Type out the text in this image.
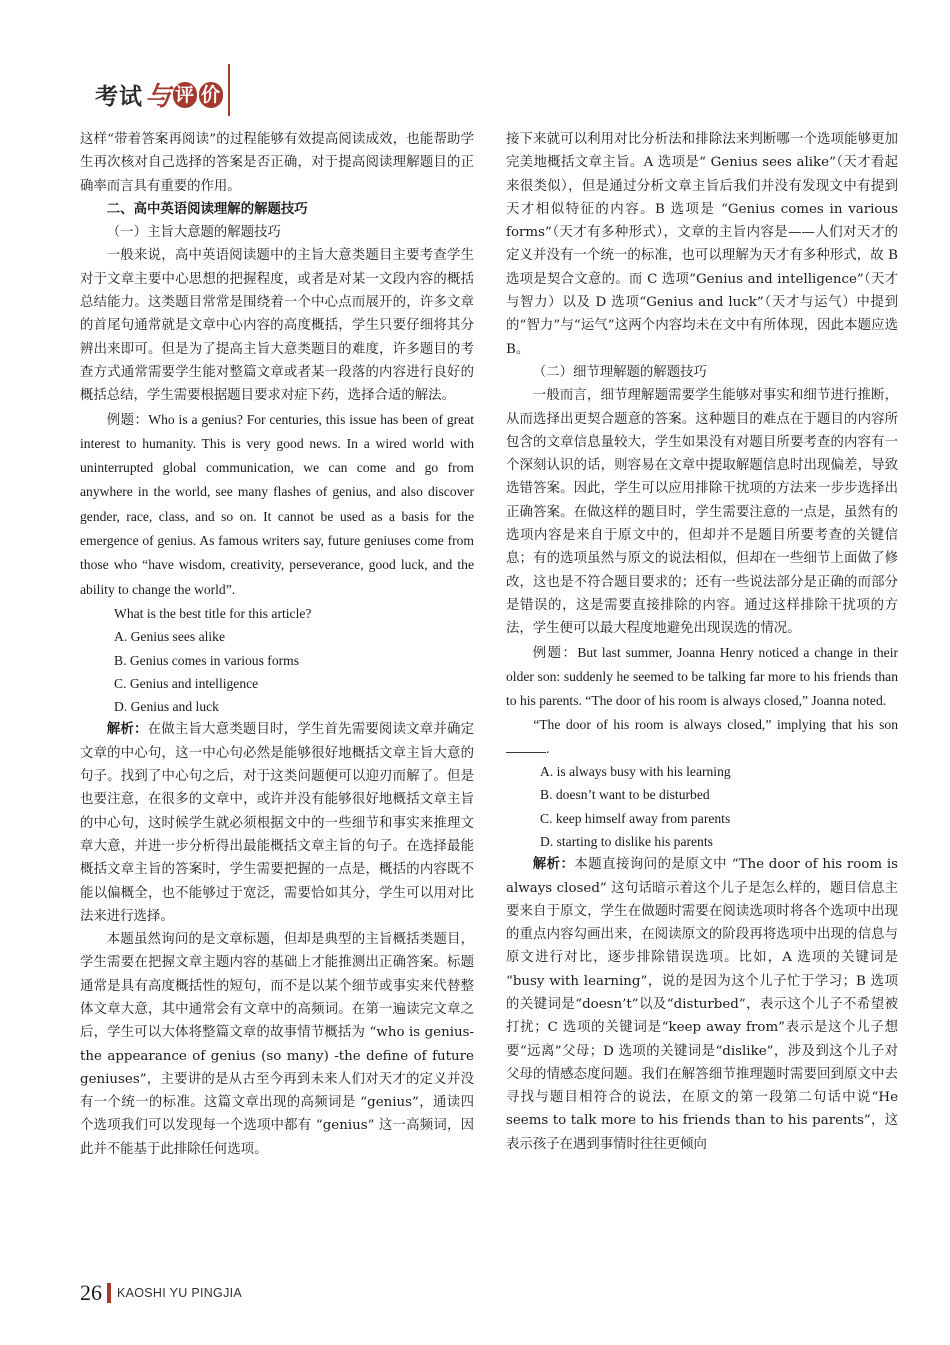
考试 与 评 价

这样“带着答案再阅读”的过程能够有效提高阅读成效，也能帮助学生再次核对自己选择的答案是否正确，对于提高阅读理解题目的正确率而言具有重要的作用。

二、高中英语阅读理解的解题技巧

（一）主旨大意题的解题技巧

一般来说，高中英语阅读题中的主旨大意类题目主要考查学生对于文章主要中心思想的把握程度，或者是对某一文段内容的概括总结能力。这类题目常常是围绕着一个中心点而展开的，许多文章的首尾句通常就是文章中心内容的高度概括，学生只要仔细将其分辨出来即可。但是为了提高主旨大意类题目的难度，许多题目的考查方式通常需要学生能对整篇文章或者某一段落的内容进行良好的概括总结，学生需要根据题目要求对症下药，选择合适的解法。

例题：Who is a genius? For centuries, this issue has been of great interest to humanity. This is very good news. In a wired world with uninterrupted global communication, we can come and go from anywhere in the world, see many flashes of genius, and also discover gender, race, class, and so on. It cannot be used as a basis for the emergence of genius. As famous writers say, future geniuses come from those who “have wisdom, creativity, perseverance, good luck, and the ability to change the world”.

What is the best title for this article?

A. Genius sees alike

B. Genius comes in various forms

C. Genius and intelligence

D. Genius and luck

解析：在做主旨大意类题目时，学生首先需要阅读文章并确定文章的中心句，这一中心句必然是能够很好地概括文章主旨大意的句子。找到了中心句之后，对于这类问题便可以迎刃而解了。但是也要注意，在很多的文章中，或许并没有能够很好地概括文章主旨的中心句，这时候学生就必须根据文中的一些细节和事实来推理文章大意，并进一步分析得出最能概括文章主旨的句子。在选择最能概括文章主旨的答案时，学生需要把握的一点是，概括的内容既不能以偏概全，也不能够过于宽泛，需要恰如其分，学生可以用对比法来进行选择。

本题虽然询问的是文章标题，但却是典型的主旨概括类题目，学生需要在把握文章主题内容的基础上才能推测出正确答案。标题通常是具有高度概括性的短句，而不是以某个细节或事实来代替整体文章大意，其中通常会有文章中的高频词。在第一遍读完文章之后，学生可以大体将整篇文章的故事情节概括为 “who is genius-the appearance of genius (so many) -the define of future geniuses”，主要讲的是从古至今再到未来人们对天才的定义并没有一个统一的标准。这篇文章出现的高频词是 “genius”，通读四个选项我们可以发现每一个选项中都有 “genius” 这一高频词，因此并不能基于此排除任何选项。

接下来就可以利用对比分析法和排除法来判断哪一个选项能够更加完美地概括文章主旨。A 选项是“ Genius sees alike”（天才看起来很类似），但是通过分析文章主旨后我们并没有发现文中有提到天才相似特征的内容。B 选项是 “Genius comes in various forms”（天才有多种形式），文章的主旨内容是——人们对天才的定义并没有一个统一的标准，也可以理解为天才有多种形式，故 B 选项是契合文意的。而 C 选项“Genius and intelligence”（天才与智力）以及 D 选项“Genius and luck”（天才与运气）中提到的“智力”与“运气”这两个内容均未在文中有所体现，因此本题应选 B。

（二）细节理解题的解题技巧

一般而言，细节理解题需要学生能够对事实和细节进行推断，从而选择出更契合题意的答案。这种题目的难点在于题目的内容所包含的文章信息量较大，学生如果没有对题目所要考查的内容有一个深刻认识的话，则容易在文章中提取解题信息时出现偏差，导致选错答案。因此，学生可以应用排除干扰项的方法来一步步选择出正确答案。在做这样的题目时，学生需要注意的一点是，虽然有的选项内容是来自于原文中的，但却并不是题目所要考查的关键信息；有的选项虽然与原文的说法相似，但却在一些细节上面做了修改，这也是不符合题目要求的；还有一些说法部分是正确的而部分是错误的，这是需要直接排除的内容。通过这样排除干扰项的方法，学生便可以最大程度地避免出现误选的情况。

例题：But last summer, Joanna Henry noticed a change in their older son: suddenly he seemed to be talking far more to his friends than to his parents. “The door of his room is always closed,” Joanna noted.

“The door of his room is always closed,” implying that his son .

A. is always busy with his learning

B. doesn’t want to be disturbed

C. keep himself away from parents

D. starting to dislike his parents

解析：本题直接询问的是原文中 “The door of his room is always closed” 这句话暗示着这个儿子是怎么样的，题目信息主要来自于原文，学生在做题时需要在阅读选项时将各个选项中出现的重点内容勾画出来，在阅读原文的阶段再将选项中出现的信息与原文进行对比，逐步排除错误选项。比如，A 选项的关键词是 “busy with learning”，说的是因为这个儿子忙于学习；B 选项的关键词是“doesn’t”以及“disturbed”，表示这个儿子不希望被打扰；C 选项的关键词是“keep away from”表示是这个儿子想要“远离”父母；D 选项的关键词是“dislike”，涉及到这个儿子对父母的情感态度问题。我们在解答细节推理题时需要回到原文中去寻找与题目相符合的说法，在原文的第一段第二句话中说“He seems to talk more to his friends than to his parents”，这表示孩子在遇到事情时往往更倾向

26 KAOSHI YU PINGJIA
